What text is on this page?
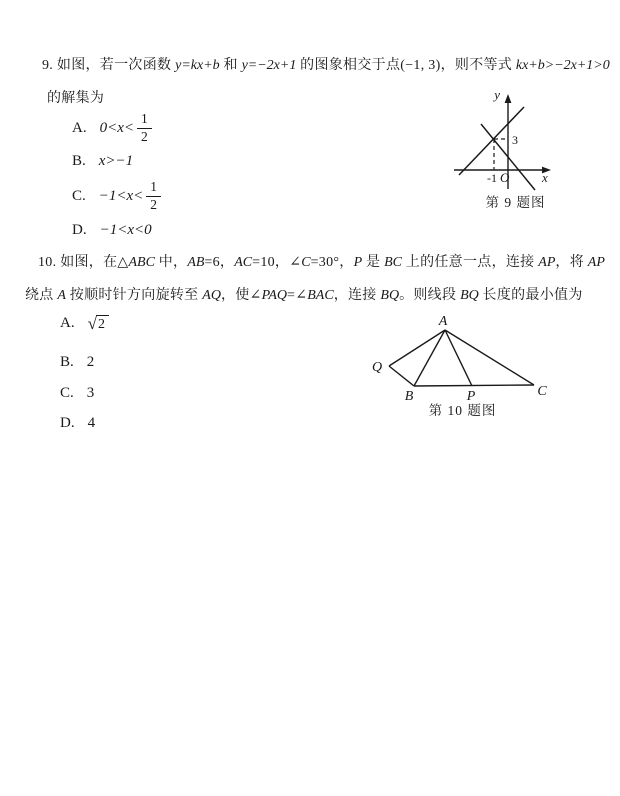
9. 如图，若一次函数 y=kx+b 和 y=−2x+1 的图象相交于点(−1, 3)，则不等式 kx+b>−2x+1>0

的解集为

A. $0<x< \frac{1}{2}$
B. x>−1
C. $-1<x< \frac{1}{2}$
D. −1<x<0
y
x
O
-1
3
第 9 题图

10. 如图，在△ABC 中，AB=6，AC=10，∠C=30°，P 是 BC 上的任意一点，连接 AP，将 AP

绕点 A 按顺时针方向旋转至 AQ，使∠PAQ=∠BAC，连接 BQ。则线段 BQ 长度的最小值为

A. √ 2
B. 2
C. 3
D. 4
A
Q
B	P	C
第 10 题图
